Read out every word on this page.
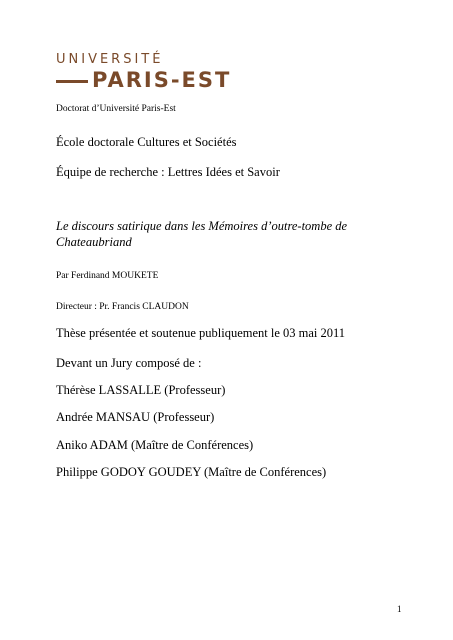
UNIVERSITÉ
PARIS-EST
Doctorat d’Université Paris-Est
École doctorale Cultures et Sociétés
Équipe de recherche : Lettres Idées et Savoir
Le discours satirique dans les Mémoires d’outre-tombe de Chateaubriand
Par Ferdinand MOUKETE
Directeur : Pr. Francis CLAUDON
Thèse présentée et soutenue publiquement le 03 mai 2011
Devant un Jury composé de :
Thérèse LASSALLE (Professeur)
Andrée MANSAU (Professeur)
Aniko ADAM (Maître de Conférences)
Philippe GODOY GOUDEY (Maître de Conférences)
1
